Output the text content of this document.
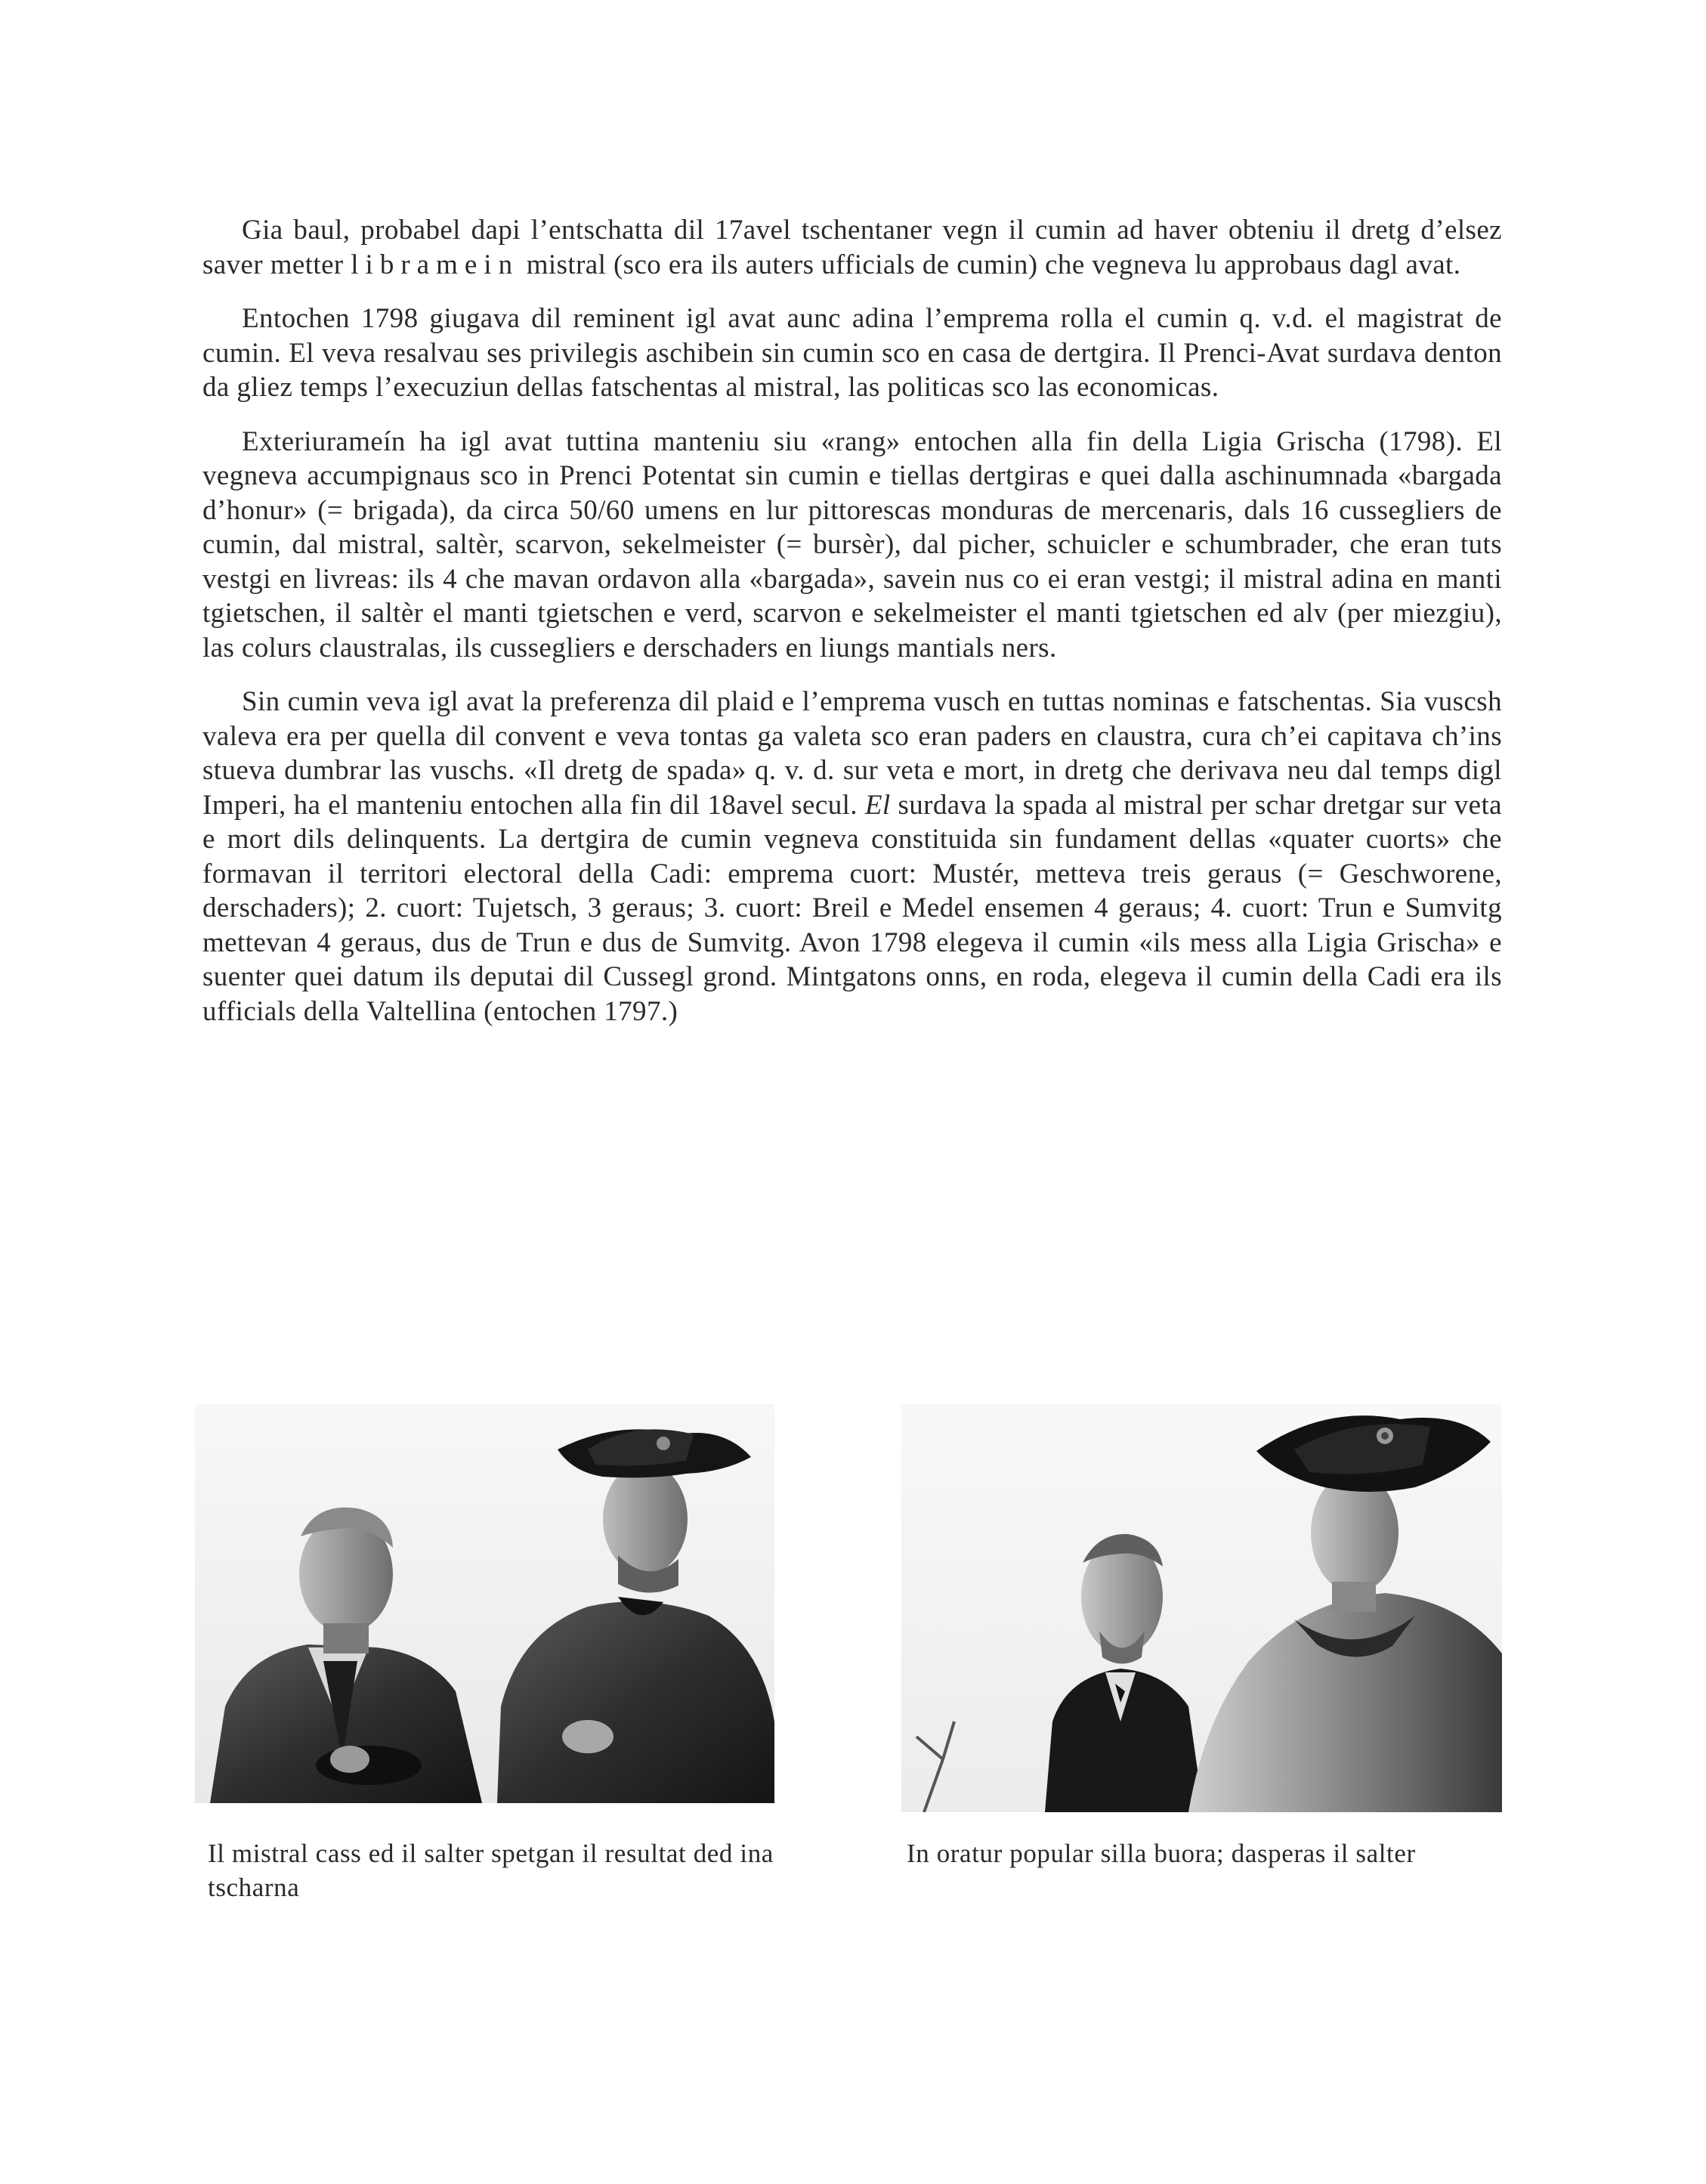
Gia baul, probabel dapi l’entschatta dil 17avel tschentaner vegn il cumin ad haver obteniu il dretg d’elsez saver metter libramein mistral (sco era ils auters ufficials de cumin) che vegneva lu approbaus dagl avat.

Entochen 1798 giugava dil reminent igl avat aunc adina l’emprema rolla el cumin q. v.d. el magistrat de cumin. El veva resalvau ses privilegis aschibein sin cumin sco en casa de dertgira. Il Prenci-Avat surdava denton da gliez temps l’execuziun dellas fatschentas al mistral, las politicas sco las economicas.

Exteriurameín ha igl avat tuttina manteniu siu «rang» entochen alla fin della Ligia Grischa (1798). El vegneva accumpignaus sco in Prenci Potentat sin cumin e tiellas dertgiras e quei dalla aschinumnada «bargada d’honur» (= brigada), da circa 50/60 umens en lur pittorescas monduras de mercenaris, dals 16 cussegliers de cumin, dal mistral, saltèr, scarvon, sekelmeister (= bursèr), dal picher, schuicler e schumbrader, che eran tuts vestgi en livreas: ils 4 che mavan ordavon alla «bargada», savein nus co ei eran vestgi; il mistral adina en manti tgietschen, il saltèr el manti tgietschen e verd, scarvon e sekelmeister el manti tgietschen ed alv (per miezgiu), las colurs claustralas, ils cussegliers e derschaders en liungs mantials ners.

Sin cumin veva igl avat la preferenza dil plaid e l’emprema vusch en tuttas nominas e fatschentas. Sia vuscsh valeva era per quella dil convent e veva tontas ga valeta sco eran paders en claustra, cura ch’ei capitava ch’ins stueva dumbrar las vuschs. «Il dretg de spada» q. v. d. sur veta e mort, in dretg che derivava neu dal temps digl Imperi, ha el manteniu entochen alla fin dil 18avel secul. El surdava la spada al mistral per schar dretgar sur veta e mort dils delinquents. La dertgira de cumin vegneva constituida sin fundament dellas «quater cuorts» che formavan il territori electoral della Cadi: emprema cuort: Mustér, metteva treis geraus (= Geschworene, derschaders); 2. cuort: Tujetsch, 3 geraus; 3. cuort: Breil e Medel ensemen 4 geraus; 4. cuort: Trun e Sumvitg mettevan 4 geraus, dus de Trun e dus de Sumvitg. Avon 1798 elegeva il cumin «ils mess alla Ligia Grischa» e suenter quei datum ils deputai dil Cussegl grond. Mintgatons onns, en roda, elegeva il cumin della Cadi era ils ufficials della Valtellina (entochen 1797.)

Il mistral cass ed il salter spetgan il resultat ded ina tscharna
In oratur popular silla buora; dasperas il salter
